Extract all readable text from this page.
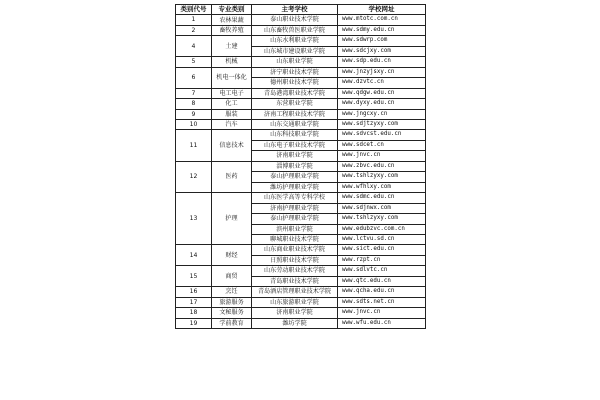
类别代号	专业类别	主考学校	学校网址
1	农林果蔬	泰山职业技术学院	www.mtotc.com.cn
2	畜牧养殖	山东畜牧兽医职业学院	www.sdmy.edu.cn
4	土建	山东水利职业学院	www.sdwrp.com
		山东城市建设职业学院	www.sdcjxy.com
5	机械	山东职业学院	www.sdp.edu.cn
6	机电一体化	济宁职业技术学院	www.jnzyjsxy.cn
		德州职业技术学院	www.dzvtc.cn
7	电工电子	青岛港湾职业技术学院	www.qdgw.edu.cn
8	化工	东营职业学院	www.dyxy.edu.cn
9	服装	济南工程职业技术学院	www.jngcxy.cn
10	汽车	山东交通职业学院	www.sdjtzyxy.com
11	信息技术	山东科技职业学院	www.sdvcst.edu.cn
		山东电子职业技术学院	www.sdcet.cn
		济南职业学院	www.jnvc.cn
12	医药	淄博职业学院	www.zbvc.edu.cn
		泰山护理职业学院	www.tshlzyxy.com
		潍坊护理职业学院	www.wfhlxy.com
13	护理	山东医学高等专科学校	www.sdmc.edu.cn
		济南护理职业学院	www.sdjnwx.com
		泰山护理职业学院	www.tshlzyxy.com
		滨州职业学院	www.edubzvc.com.cn
		聊城职业技术学院	www.lctvu.sd.cn
14	财经	山东商业职业技术学院	www.sict.edu.cn
		日照职业技术学院	www.rzpt.cn
15	商贸	山东劳动职业技术学院	www.sdlvtc.cn
		青岛职业技术学院	www.qtc.edu.cn
16	烹饪	青岛酒店管理职业技术学院	www.qcha.edu.cn
17	旅游服务	山东旅游职业学院	www.sdts.net.cn
18	文秘服务	济南职业学院	www.jnvc.cn
19	学前教育	潍坊学院	www.wfu.edu.cn
